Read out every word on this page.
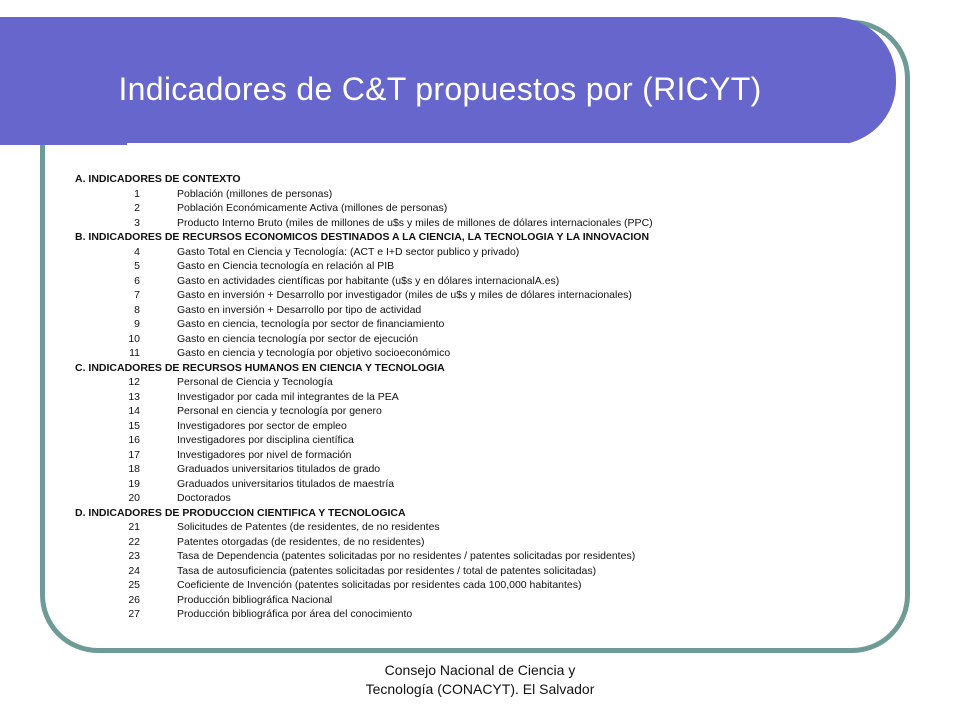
Indicadores de C&T propuestos por (RICYT)
A. INDICADORES DE CONTEXTO
1	Población (millones de personas)
2	Población Económicamente Activa (millones de personas)
3	Producto Interno Bruto (miles de millones de u$s y miles de millones de dólares internacionales (PPC)
B. INDICADORES DE RECURSOS ECONOMICOS DESTINADOS A LA CIENCIA, LA TECNOLOGIA Y LA INNOVACION
4	Gasto Total en Ciencia y Tecnología: (ACT e I+D sector publico y privado)
5	Gasto en Ciencia tecnología en relación al PIB
6	Gasto en actividades científicas por habitante (u$s y en dólares internacionalA.es)
7	Gasto en inversión + Desarrollo por investigador (miles de u$s y miles de dólares internacionales)
8	Gasto en inversión + Desarrollo por tipo de actividad
9	Gasto en ciencia, tecnología por sector de financiamiento
10	Gasto en ciencia tecnología por sector de ejecución
11	Gasto en ciencia y tecnología por objetivo socioeconómico
C. INDICADORES DE RECURSOS HUMANOS EN CIENCIA Y TECNOLOGIA
12	Personal de Ciencia y Tecnología
13	Investigador por cada mil integrantes de la PEA
14	Personal en ciencia y tecnología por genero
15	Investigadores por sector de empleo
16	Investigadores por disciplina científica
17	Investigadores por nivel de formación
18	Graduados universitarios titulados de grado
19	Graduados universitarios titulados de maestría
20	Doctorados
D. INDICADORES DE PRODUCCION CIENTIFICA Y TECNOLOGICA
21	Solicitudes de Patentes (de residentes, de no residentes
22	Patentes otorgadas (de residentes, de no residentes)
23	Tasa de Dependencia (patentes solicitadas por no residentes / patentes solicitadas por residentes)
24	Tasa de autosuficiencia (patentes solicitadas por residentes / total de patentes solicitadas)
25	Coeficiente de Invención (patentes solicitadas por residentes cada 100,000 habitantes)
26	Producción bibliográfica Nacional
27	Producción bibliográfica por área del conocimiento
Consejo Nacional de Ciencia y
Tecnología (CONACYT). El Salvador
